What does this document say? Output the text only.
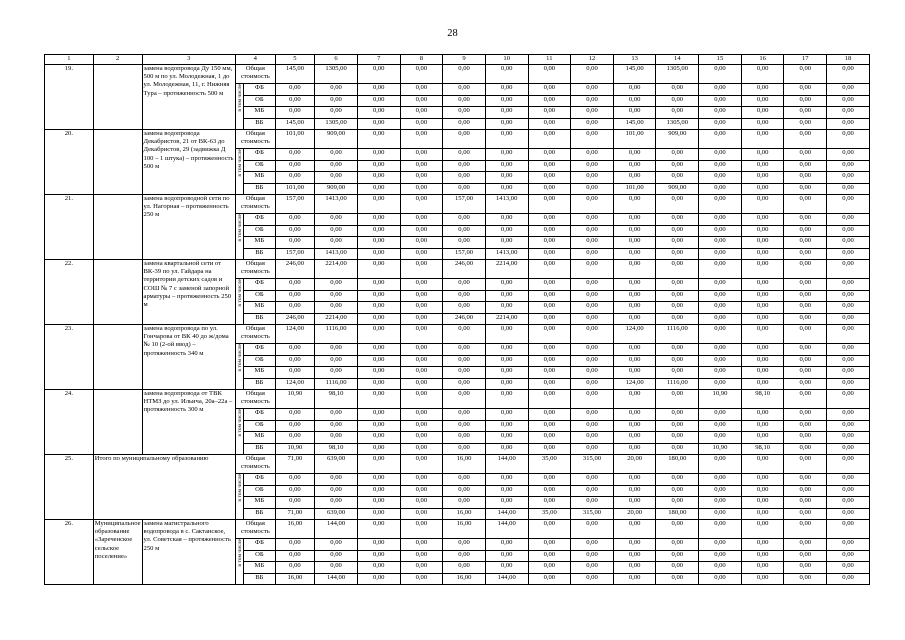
28
1	2	3	4		5	6	7	8	9	10	11	12	13	14	15	16	17	18
19.		замена водопровода Ду 150 мм, 500 м по ул. Молодежная, 1 до ул. Молодежная, 11, г. Нижняя Тура – протяженность 500 м	Общая стоимость		145,00	1305,00	0,00	0,00	0,00	0,00	0,00	0,00	145,00	1305,00	0,00	0,00	0,00	0,00

			в том числе	ФБ	0,00	0,00	0,00	0,00	0,00	0,00	0,00	0,00	0,00	0,00	0,00	0,00	0,00	0,00
				ОБ	0,00	0,00	0,00	0,00	0,00	0,00	0,00	0,00	0,00	0,00	0,00	0,00	0,00	0,00
				МБ	0,00	0,00	0,00	0,00	0,00	0,00	0,00	0,00	0,00	0,00	0,00	0,00	0,00	0,00
				ВБ	145,00	1305,00	0,00	0,00	0,00	0,00	0,00	0,00	145,00	1305,00	0,00	0,00	0,00	0,00
20.		замена водопровода Декабристов, 21 от ВК-63 до Декабристов, 29 (задвижка Д 100 – 1 штука) – протяженность 500 м	Общая стоимость		101,00	909,00	0,00	0,00	0,00	0,00	0,00	0,00	101,00	909,00	0,00	0,00	0,00	0,00

			в том числе	ФБ	0,00	0,00	0,00	0,00	0,00	0,00	0,00	0,00	0,00	0,00	0,00	0,00	0,00	0,00
				ОБ	0,00	0,00	0,00	0,00	0,00	0,00	0,00	0,00	0,00	0,00	0,00	0,00	0,00	0,00
				МБ	0,00	0,00	0,00	0,00	0,00	0,00	0,00	0,00	0,00	0,00	0,00	0,00	0,00	0,00
				ВБ	101,00	909,00	0,00	0,00	0,00	0,00	0,00	0,00	101,00	909,00	0,00	0,00	0,00	0,00
21.		замена водопроводной сети по ул. Нагорная – протяженность 250 м	Общая стоимость		157,00	1413,00	0,00	0,00	157,00	1413,00	0,00	0,00	0,00	0,00	0,00	0,00	0,00	0,00

			в том числе	ФБ	0,00	0,00	0,00	0,00	0,00	0,00	0,00	0,00	0,00	0,00	0,00	0,00	0,00	0,00
				ОБ	0,00	0,00	0,00	0,00	0,00	0,00	0,00	0,00	0,00	0,00	0,00	0,00	0,00	0,00
				МБ	0,00	0,00	0,00	0,00	0,00	0,00	0,00	0,00	0,00	0,00	0,00	0,00	0,00	0,00
				ВБ	157,00	1413,00	0,00	0,00	157,00	1413,00	0,00	0,00	0,00	0,00	0,00	0,00	0,00	0,00
22.		замена квартальной сети от ВК-39 по ул. Гайдара на территории детских садов и СОШ № 7 с заменой запорной арматуры – протяженность 250 м	Общая стоимость		246,00	2214,00	0,00	0,00	246,00	2214,00	0,00	0,00	0,00	0,00	0,00	0,00	0,00	0,00

			в том числе	ФБ	0,00	0,00	0,00	0,00	0,00	0,00	0,00	0,00	0,00	0,00	0,00	0,00	0,00	0,00
				ОБ	0,00	0,00	0,00	0,00	0,00	0,00	0,00	0,00	0,00	0,00	0,00	0,00	0,00	0,00
				МБ	0,00	0,00	0,00	0,00	0,00	0,00	0,00	0,00	0,00	0,00	0,00	0,00	0,00	0,00
				ВБ	246,00	2214,00	0,00	0,00	246,00	2214,00	0,00	0,00	0,00	0,00	0,00	0,00	0,00	0,00
23.		замена водопровода по ул. Гончарова от ВК 40 до ж/дома № 10 (2-ой ввод) – протяженность 340 м	Общая стоимость		124,00	1116,00	0,00	0,00	0,00	0,00	0,00	0,00	124,00	1116,00	0,00	0,00	0,00	0,00

			в том числе	ФБ	0,00	0,00	0,00	0,00	0,00	0,00	0,00	0,00	0,00	0,00	0,00	0,00	0,00	0,00
				ОБ	0,00	0,00	0,00	0,00	0,00	0,00	0,00	0,00	0,00	0,00	0,00	0,00	0,00	0,00
				МБ	0,00	0,00	0,00	0,00	0,00	0,00	0,00	0,00	0,00	0,00	0,00	0,00	0,00	0,00
				ВБ	124,00	1116,00	0,00	0,00	0,00	0,00	0,00	0,00	124,00	1116,00	0,00	0,00	0,00	0,00
24.		замена водопровода от ТВК НТМЗ до ул. Ильича, 20а–22а – протяженность 300 м	Общая стоимость		10,90	98,10	0,00	0,00	0,00	0,00	0,00	0,00	0,00	0,00	10,90	98,10	0,00	0,00

			в том числе	ФБ	0,00	0,00	0,00	0,00	0,00	0,00	0,00	0,00	0,00	0,00	0,00	0,00	0,00	0,00
				ОБ	0,00	0,00	0,00	0,00	0,00	0,00	0,00	0,00	0,00	0,00	0,00	0,00	0,00	0,00
				МБ	0,00	0,00	0,00	0,00	0,00	0,00	0,00	0,00	0,00	0,00	0,00	0,00	0,00	0,00
				ВБ	10,90	98,10	0,00	0,00	0,00	0,00	0,00	0,00	0,00	0,00	10,90	98,10	0,00	0,00
25.	Итого по муниципальному образованию		Общая стоимость		71,00	639,00	0,00	0,00	16,00	144,00	35,00	315,00	20,00	180,00	0,00	0,00	0,00	0,00

			в том числе	ФБ	0,00	0,00	0,00	0,00	0,00	0,00	0,00	0,00	0,00	0,00	0,00	0,00	0,00	0,00
				ОБ	0,00	0,00	0,00	0,00	0,00	0,00	0,00	0,00	0,00	0,00	0,00	0,00	0,00	0,00
				МБ	0,00	0,00	0,00	0,00	0,00	0,00	0,00	0,00	0,00	0,00	0,00	0,00	0,00	0,00
				ВБ	71,00	639,00	0,00	0,00	16,00	144,00	35,00	315,00	20,00	180,00	0,00	0,00	0,00	0,00
26.	Муниципальное образование «Зареченское сельское поселение»	замена магистрального водопровода в с. Сактанское, ул. Советская – протяженность 250 м	Общая стоимость		16,00	144,00	0,00	0,00	16,00	144,00	0,00	0,00	0,00	0,00	0,00	0,00	0,00	0,00

			в том числе	ФБ	0,00	0,00	0,00	0,00	0,00	0,00	0,00	0,00	0,00	0,00	0,00	0,00	0,00	0,00
				ОБ	0,00	0,00	0,00	0,00	0,00	0,00	0,00	0,00	0,00	0,00	0,00	0,00	0,00	0,00
				МБ	0,00	0,00	0,00	0,00	0,00	0,00	0,00	0,00	0,00	0,00	0,00	0,00	0,00	0,00
				ВБ	16,00	144,00	0,00	0,00	16,00	144,00	0,00	0,00	0,00	0,00	0,00	0,00	0,00	0,00
